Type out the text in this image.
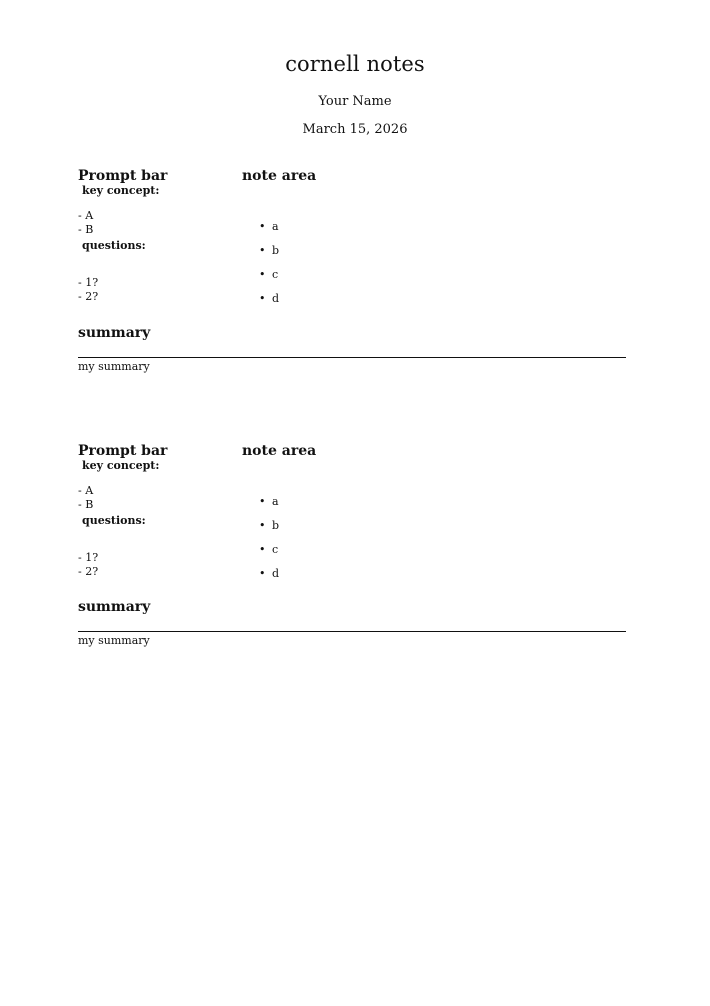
cornell notes
Your Name
March 15, 2026
Prompt bar
key concept:
- A
- B
questions:
- 1?
- 2?
note area
• a
• b
• c
• d
summary
my summary
Prompt bar
key concept:
- A
- B
questions:
- 1?
- 2?
note area
• a
• b
• c
• d
summary
my summary
